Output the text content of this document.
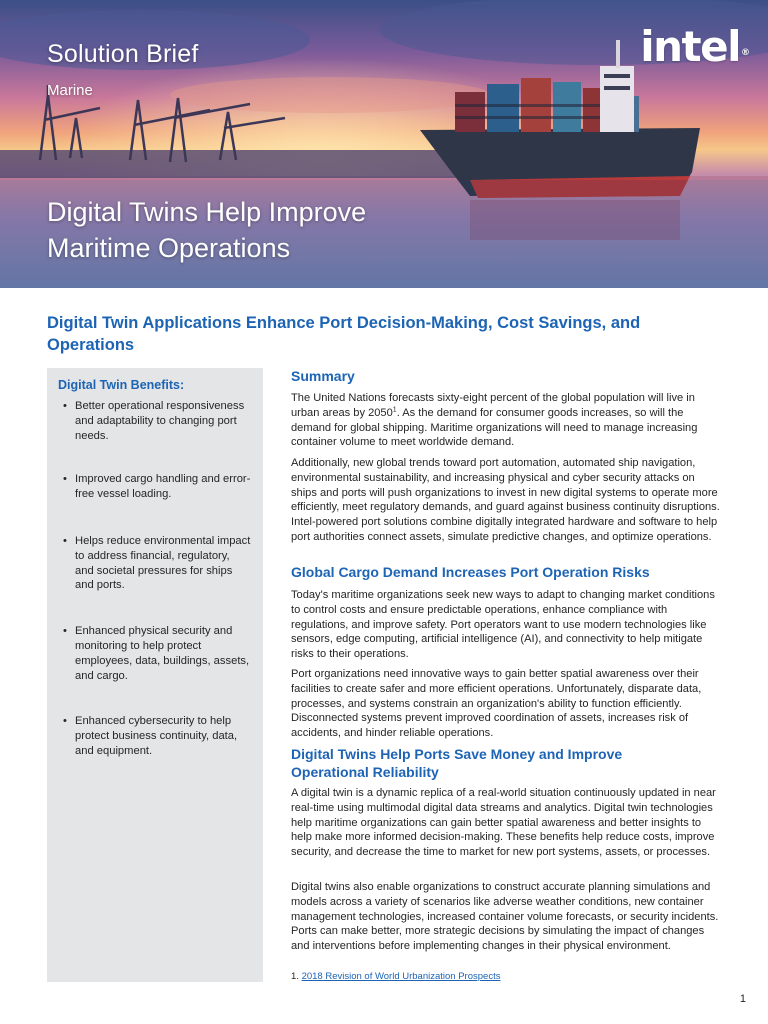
Solution Brief
Marine
Digital Twins Help Improve Maritime Operations
intel®
Digital Twin Applications Enhance Port Decision-Making, Cost Savings, and Operations
Digital Twin Benefits:
• Better operational responsiveness and adaptability to changing port needs.
• Improved cargo handling and error-free vessel loading.
• Helps reduce environmental impact to address financial, regulatory, and societal pressures for ships and ports.
• Enhanced physical security and monitoring to help protect employees, data, buildings, assets, and cargo.
• Enhanced cybersecurity to help protect business continuity, data, and equipment.
Summary

The United Nations forecasts sixty-eight percent of the global population will live in urban areas by 2050$^1$. As the demand for consumer goods increases, so will the demand for global shipping. Maritime organizations will need to manage increasing container volume to meet worldwide demand.

Additionally, new global trends toward port automation, automated ship navigation, environmental sustainability, and increasing physical and cyber security attacks on ships and ports will push organizations to invest in new digital systems to operate more efficiently, meet regulatory demands, and guard against business continuity disruptions. Intel-powered port solutions combine digitally integrated hardware and software to help port authorities connect assets, simulate predictive changes, and optimize operations.

Global Cargo Demand Increases Port Operation Risks

Today's maritime organizations seek new ways to adapt to changing market conditions to control costs and ensure predictable operations, enhance compliance with regulations, and improve safety. Port operators want to use modern technologies like sensors, edge computing, artificial intelligence (AI), and connectivity to help mitigate risks to their operations.

Port organizations need innovative ways to gain better spatial awareness over their facilities to create safer and more efficient operations. Unfortunately, disparate data, processes, and systems constrain an organization's ability to function efficiently. Disconnected systems prevent improved coordination of assets, increases risk of accidents, and hinder reliable operations.

Digital Twins Help Ports Save Money and Improve Operational Reliability

A digital twin is a dynamic replica of a real-world situation continuously updated in near real-time using multimodal digital data streams and analytics. Digital twin technologies help maritime organizations can gain better spatial awareness and better insights to help make more informed decision-making. These benefits help reduce costs, improve security, and decrease the time to market for new port systems, assets, or processes.

Digital twins also enable organizations to construct accurate planning simulations and models across a variety of scenarios like adverse weather conditions, new container management technologies, increased container volume forecasts, or security incidents. Ports can make better, more strategic decisions by simulating the impact of changes and interventions before implementing changes in their physical environment.

1. 2018 Revision of World Urbanization Prospects
1
